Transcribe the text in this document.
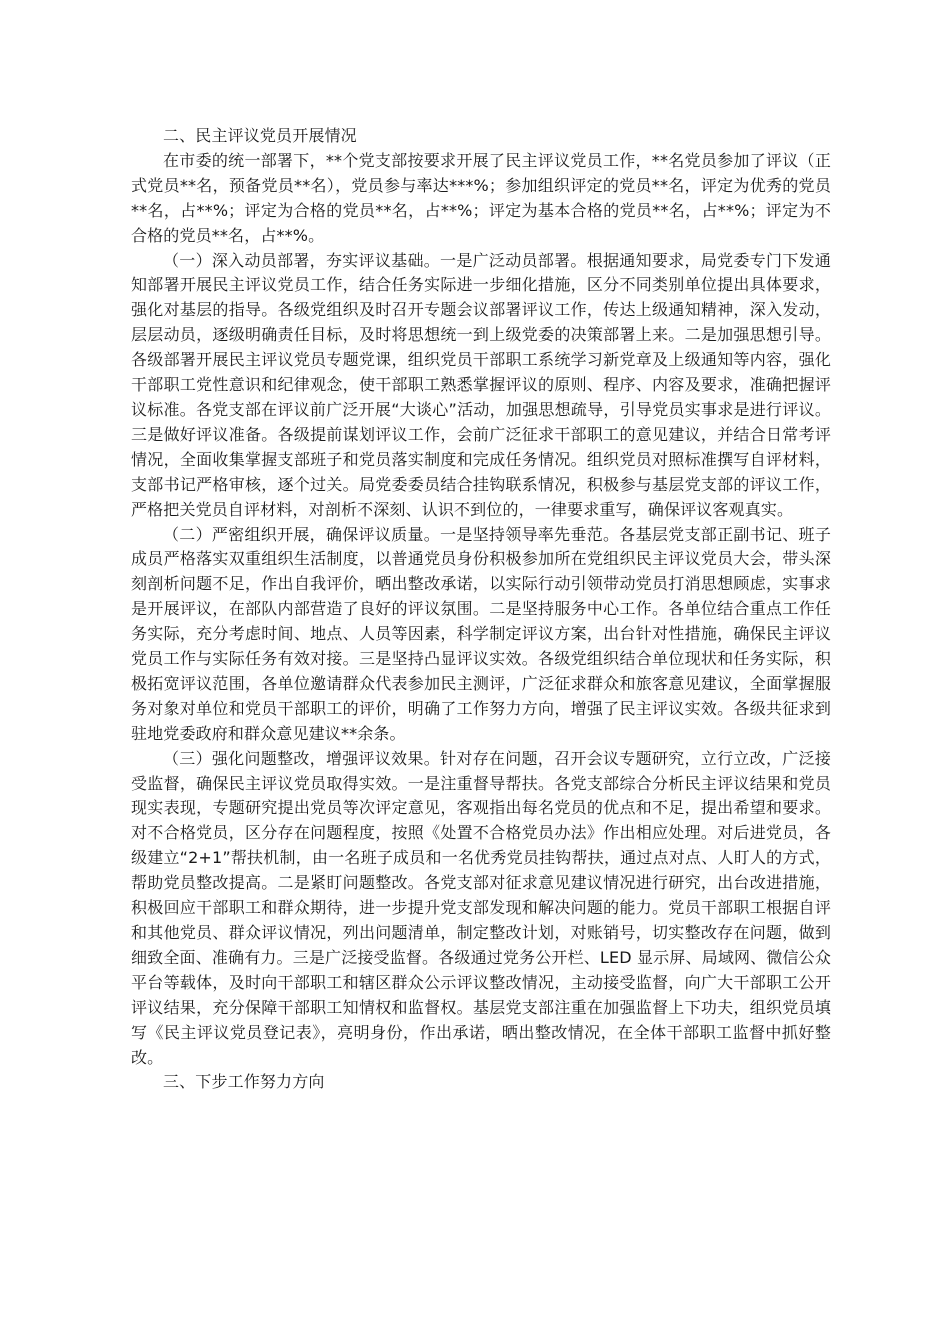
二、民主评议党员开展情况

在市委的统一部署下，**个党支部按要求开展了民主评议党员工作，**名党员参加了评议（正式党员**名，预备党员**名），党员参与率达***%；参加组织评定的党员**名，评定为优秀的党员**名，占**%；评定为合格的党员**名，占**%；评定为基本合格的党员**名，占**%；评定为不合格的党员**名，占**%。

（一）深入动员部署，夯实评议基础。一是广泛动员部署。根据通知要求，局党委专门下发通知部署开展民主评议党员工作，结合任务实际进一步细化措施，区分不同类别单位提出具体要求，强化对基层的指导。各级党组织及时召开专题会议部署评议工作，传达上级通知精神，深入发动，层层动员，逐级明确责任目标，及时将思想统一到上级党委的决策部署上来。二是加强思想引导。各级部署开展民主评议党员专题党课，组织党员干部职工系统学习新党章及上级通知等内容，强化干部职工党性意识和纪律观念，使干部职工熟悉掌握评议的原则、程序、内容及要求，准确把握评议标准。各党支部在评议前广泛开展“大谈心”活动，加强思想疏导，引导党员实事求是进行评议。三是做好评议准备。各级提前谋划评议工作，会前广泛征求干部职工的意见建议，并结合日常考评情况，全面收集掌握支部班子和党员落实制度和完成任务情况。组织党员对照标准撰写自评材料，支部书记严格审核，逐个过关。局党委委员结合挂钩联系情况，积极参与基层党支部的评议工作，严格把关党员自评材料，对剖析不深刻、认识不到位的，一律要求重写，确保评议客观真实。

（二）严密组织开展，确保评议质量。一是坚持领导率先垂范。各基层党支部正副书记、班子成员严格落实双重组织生活制度，以普通党员身份积极参加所在党组织民主评议党员大会，带头深刻剖析问题不足，作出自我评价，晒出整改承诺，以实际行动引领带动党员打消思想顾虑，实事求是开展评议，在部队内部营造了良好的评议氛围。二是坚持服务中心工作。各单位结合重点工作任务实际，充分考虑时间、地点、人员等因素，科学制定评议方案，出台针对性措施，确保民主评议党员工作与实际任务有效对接。三是坚持凸显评议实效。各级党组织结合单位现状和任务实际，积极拓宽评议范围，各单位邀请群众代表参加民主测评，广泛征求群众和旅客意见建议，全面掌握服务对象对单位和党员干部职工的评价，明确了工作努力方向，增强了民主评议实效。各级共征求到驻地党委政府和群众意见建议**余条。

（三）强化问题整改，增强评议效果。针对存在问题，召开会议专题研究，立行立改，广泛接受监督，确保民主评议党员取得实效。一是注重督导帮扶。各党支部综合分析民主评议结果和党员现实表现，专题研究提出党员等次评定意见，客观指出每名党员的优点和不足，提出希望和要求。对不合格党员，区分存在问题程度，按照《处置不合格党员办法》作出相应处理。对后进党员，各级建立“2+1”帮扶机制，由一名班子成员和一名优秀党员挂钩帮扶，通过点对点、人盯人的方式，帮助党员整改提高。二是紧盯问题整改。各党支部对征求意见建议情况进行研究，出台改进措施，积极回应干部职工和群众期待，进一步提升党支部发现和解决问题的能力。党员干部职工根据自评和其他党员、群众评议情况，列出问题清单，制定整改计划，对账销号，切实整改存在问题，做到细致全面、准确有力。三是广泛接受监督。各级通过党务公开栏、LED 显示屏、局域网、微信公众平台等载体，及时向干部职工和辖区群众公示评议整改情况，主动接受监督，向广大干部职工公开评议结果，充分保障干部职工知情权和监督权。基层党支部注重在加强监督上下功夫，组织党员填写《民主评议党员登记表》，亮明身份，作出承诺，晒出整改情况，在全体干部职工监督中抓好整改。

三、下步工作努力方向
